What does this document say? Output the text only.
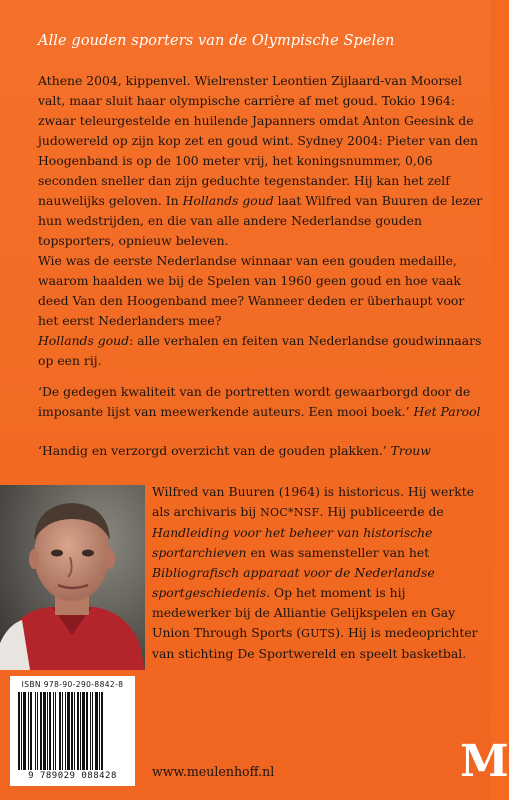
Alle gouden sporters van de Olympische Spelen

Athene 2004, kippenvel. Wielrenster Leontien Zijlaard-van Moorsel valt, maar sluit haar olympische carrière af met goud. Tokio 1964: zwaar teleurgestelde en huilende Japanners omdat Anton Geesink de judowereld op zijn kop zet en goud wint. Sydney 2004: Pieter van den Hoogenband is op de 100 meter vrij, het koningsnummer, 0,06 seconden sneller dan zijn geduchte tegenstander. Hij kan het zelf nauwelijks geloven. In Hollands goud laat Wilfred van Buuren de lezer hun wedstrijden, en die van alle andere Nederlandse gouden topsporters, opnieuw beleven.

Wie was de eerste Nederlandse winnaar van een gouden medaille, waarom haalden we bij de Spelen van 1960 geen goud en hoe vaak deed Van den Hoogenband mee? Wanneer deden er überhaupt voor het eerst Nederlanders mee?

Hollands goud: alle verhalen en feiten van Nederlandse goudwinnaars op een rij.

‘De gedegen kwaliteit van de portretten wordt gewaarborgd door de imposante lijst van meewerkende auteurs. Een mooi boek.’ Het Parool

‘Handig en verzorgd overzicht van de gouden plakken.’ Trouw

Wilfred van Buuren (1964) is historicus. Hij werkte als archivaris bij NOC*NSF. Hij publiceerde de Handleiding voor het beheer van historische sportarchieven en was samensteller van het Bibliografisch apparaat voor de Nederlandse sportgeschiedenis. Op het moment is hij medewerker bij de Alliantie Gelijkspelen en Gay Union Through Sports (GUTS). Hij is medeoprichter van stichting De Sportwereld en speelt basketbal.

ISBN 978-90-290-8842-8
9 789029 088428	www.meulenhoff.nl	M
